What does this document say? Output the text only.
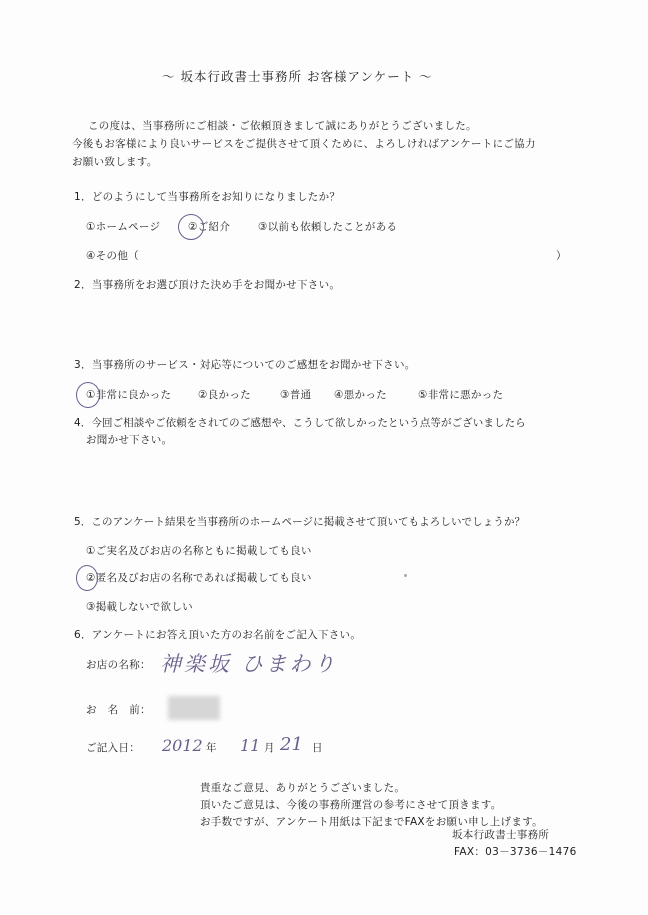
～ 坂本行政書士事務所 お客様アンケート ～
この度は、当事務所にご相談・ご依頼頂きまして誠にありがとうございました。
今後もお客様により良いサービスをご提供させて頂くために、よろしければアンケートにご協力
お願い致します。
1．どのようにして当事務所をお知りになりましたか？
①ホームページ	②ご紹介	③以前も依頼したことがある
④その他（	）
2．当事務所をお選び頂けた決め手をお聞かせ下さい。
3．当事務所のサービス・対応等についてのご感想をお聞かせ下さい。
①非常に良かった	②良かった	③普通 ④悪かった	⑤非常に悪かった
4．今回ご相談やご依頼をされてのご感想や、こうして欲しかったという点等がございましたら
お聞かせ下さい。
5．このアンケート結果を当事務所のホームページに掲載させて頂いてもよろしいでしょうか？
①ご実名及びお店の名称ともに掲載しても良い
②匿名及びお店の名称であれば掲載しても良い
③掲載しないで欲しい
6．アンケートにお答え頂いた方のお名前をご記入下さい。
お店の名称： 神楽坂 ひまわり
お　名　前：
ご記入日： 2012 年 11 月 21 日
貴重なご意見、ありがとうございました。
頂いたご意見は、今後の事務所運営の参考にさせて頂きます。
お手数ですが、アンケート用紙は下記までFAXをお願い申し上げます。
坂本行政書士事務所
FAX：03－3736－1476
